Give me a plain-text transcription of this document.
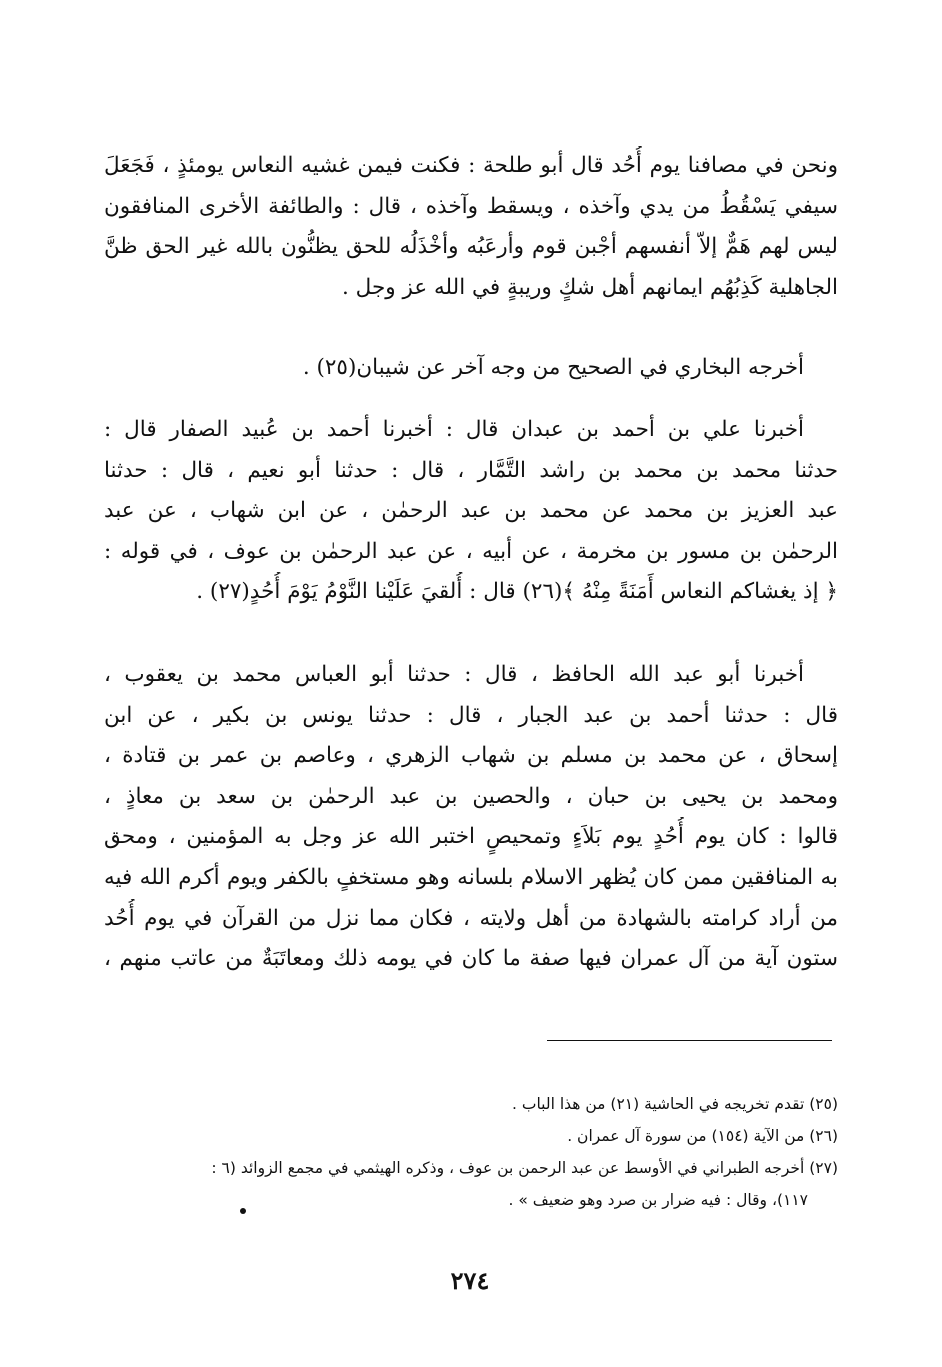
ونحن في مصافنا يوم أُحُد قال أبو طلحة : فكنت فيمن غشيه النعاس يومئذٍ ، فَجَعَلَ
سيفي يَسْقُطُ من يدي وآخذه ، ويسقط وآخذه ، قال : والطائفة الأخرى المنافقون
ليس لهم هَمٌّ إلاّ أنفسهم أجْبن قوم وأرعَبُه وأخْذَلُه للحق يظنُّون بالله غير الحق ظنَّ
الجاهلية كَذِبُهُم ايمانهم أهل شكٍ وريبةٍ في الله عز وجل .
أخرجه البخاري في الصحيح من وجه آخر عن شيبان(٢٥) .
أخبرنا علي بن أحمد بن عبدان قال : أخبرنا أحمد بن عُبيد الصفار قال :
حدثنا محمد بن محمد بن راشد التَّمَّار ، قال : حدثنا أبو نعيم ، قال : حدثنا
عبد العزيز بن محمد عن محمد بن عبد الرحمٰن ، عن ابن شهاب ، عن عبد
الرحمٰن بن مسور بن مخرمة ، عن أبيه ، عن عبد الرحمٰن بن عوف ، في قوله :
﴿ إذ يغشاكم النعاس أَمَنَةً مِنْهُ ﴾(٢٦) قال : أُلقيَ عَلَيْنا النَّوْمُ يَوْمَ أُحُدٍ(٢٧) .
أخبرنا أبو عبد الله الحافظ ، قال : حدثنا أبو العباس محمد بن يعقوب ،
قال : حدثنا أحمد بن عبد الجبار ، قال : حدثنا يونس بن بكير ، عن ابن
إسحاق ، عن محمد بن مسلم بن شهاب الزهري ، وعاصم بن عمر بن قتادة ،
ومحمد بن يحيى بن حبان ، والحصين بن عبد الرحمٰن بن سعد بن معاذٍ ،
قالوا : كان يوم أُحُدٍ يوم بَلاَءٍ وتمحيصٍ اختبر الله عز وجل به المؤمنين ، ومحق
به المنافقين ممن كان يُظهر الاسلام بلسانه وهو مستخفٍ بالكفر ويوم أكرم الله فيه
من أراد كرامته بالشهادة من أهل ولايته ، فكان مما نزل من القرآن في يوم أُحُد
ستون آية من آل عمران فيها صفة ما كان في يومه ذلك ومعاتَبَةٌ من عاتب منهم ،
(٢٥) تقدم تخريجه في الحاشية (٢١) من هذا الباب .
(٢٦) من الآية (١٥٤) من سورة آل عمران .
(٢٧) أخرجه الطبراني في الأوسط عن عبد الرحمن بن عوف ، وذكره الهيثمي في مجمع الزوائد (٦ :
١١٧)، وقال : فيه ضرار بن صرد وهو ضعيف » .
٢٧٤
